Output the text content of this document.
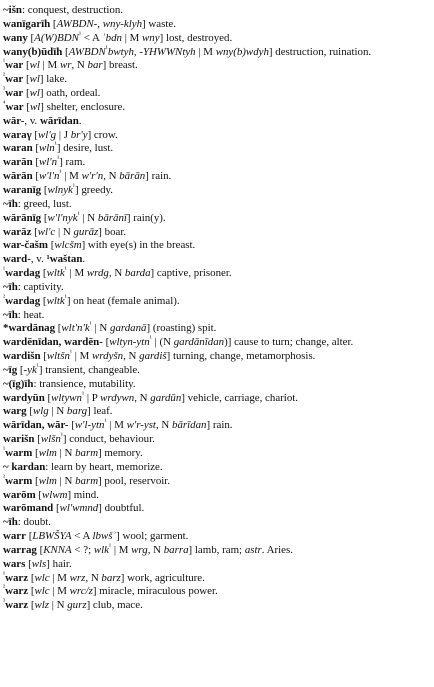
~išn: conquest, destruction.

wanīgarīh [AWBDN-, wny-klyh] waste.

wany [$A(W)BDN^{^1} < A$ ʾbdn | M wny] lost, destroyed.

wany(b)ūdīh [$AWBDN^{^1}bwtyh$, -YHWWNtyh | M wny(b)wdyh] destruction, ruination.

$^{^1}$war [wl | M wr, N bar] breast.

$^{^2}$war [wl] lake.

$^{^3}$war [wl] oath, ordeal.

$^{^4}$war [wl] shelter, enclosure.

wār-, v. wārīdan.

waraγ [wl'g | J br'y] crow.

waran [wln$^{^1}$] desire, lust.

warān $[wl'n^{^1}]$ ram.

wārān [$w'l'n^{^1}$ | M w'r'n, N bārān] rain.

waranīg [wlnyk$^{^1}$] greedy.

~īh: greed, lust.

wārānīg [w'l'nyk$^{^1}$ | N bārānī] rain(y).

warāz [wl'c | N gurāz] boar.

war-čašm [wlcšm] with eye(s) in the breast.

ward-, v. ¹waštan.

$^{^1}$wardag [wltk$^{^1}$ | M wrdg, N barda] captive, prisoner.

~īh: captivity.

$^{^2}$wardag [wltk$^{^1}$] on heat (female animal).

~īh: heat.

*wardānag [$wlt'n'k^{^1}$ | N gardanā] (roasting) spit.

wardēnīdan, wardēn- [wltyn-ytn$^{^1}$ | (N gardānīdan)] cause to turn; change, alter.

wardišn [wltšn$^{^1}$ | M wrdyšn, N gardiš] turning, change, metamorphosis.

~īg $[-yk^{^1}]$ transient, changeable.

~(īg)īh: transience, mutability.

wardyūn [wltywn$^{^1}$ | P wrdywn, N gardūn] vehicle, carriage, chariot.

warg [wlg | N barg] leaf.

wārīdan, wār- [w'l-ytn$^{^1}$ | M w'r-yst, N bārīdan] rain.

warišn [wlšn$^{^1}$] conduct, behaviour.

$^{^1}$warm [wlm | N barm] memory.

~ kardan: learn by heart, memorize.

$^{^2}$warm [wlm | N barm] pool, reservoir.

warōm [wlwm] mind.

warōmand [wl'wmnd] doubtful.

~īh: doubt.

warr [LBWŠYA < A lbwšʾ] wool; garment.

warrag [KNNA < ?; wlk$^{^1}$ | M wrg, N barra] lamb, ram; astr. Aries.

wars [wls] hair.

$^{^1}$warz [wlc | M wrz, N barz] work, agriculture.

$^{^2}$warz [wlc | M wrc/z] miracle, miraculous power.

$^{^3}$warz [wlz | N gurz] club, mace.
